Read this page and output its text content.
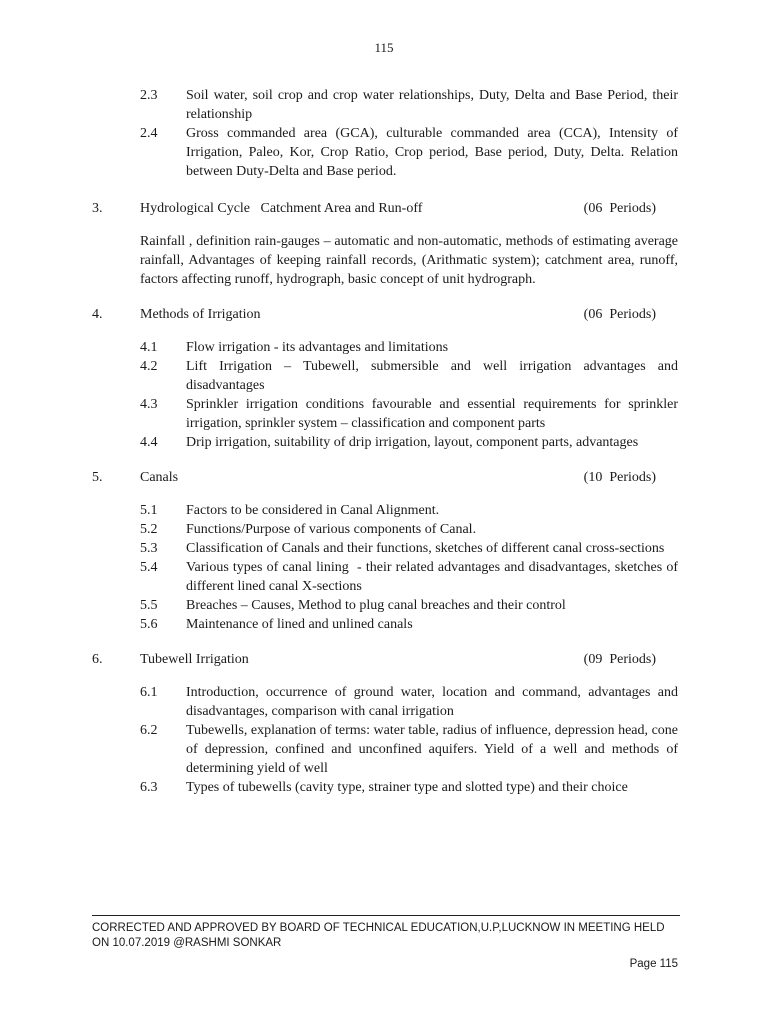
115
2.3	Soil water, soil crop and crop water relationships, Duty, Delta and Base Period, their relationship
2.4	Gross commanded area (GCA), culturable commanded area (CCA), Intensity of Irrigation, Paleo, Kor, Crop Ratio, Crop period, Base period, Duty, Delta. Relation between Duty-Delta and Base period.
3.	Hydrological Cycle   Catchment Area and Run-off	(06  Periods)
Rainfall , definition rain-gauges – automatic and non-automatic, methods of estimating average rainfall, Advantages of keeping rainfall records, (Arithmatic system); catchment area, runoff, factors affecting runoff, hydrograph, basic concept of unit hydrograph.
4.	Methods of Irrigation	(06  Periods)
4.1	Flow irrigation - its advantages and limitations
4.2	Lift Irrigation – Tubewell, submersible and well irrigation advantages and disadvantages
4.3	Sprinkler irrigation conditions favourable and essential requirements for sprinkler irrigation, sprinkler system – classification and component parts
4.4	Drip irrigation, suitability of drip irrigation, layout, component parts, advantages
5.	Canals	(10  Periods)
5.1	Factors to be considered in Canal Alignment.
5.2	Functions/Purpose of various components of Canal.
5.3	Classification of Canals and their functions, sketches of different canal cross-sections
5.4	Various types of canal lining  - their related advantages and disadvantages, sketches of different lined canal X-sections
5.5	Breaches – Causes, Method to plug canal breaches and their control
5.6	Maintenance of lined and unlined canals
6.	Tubewell Irrigation	(09  Periods)
6.1	Introduction, occurrence of ground water, location and command, advantages and disadvantages, comparison with canal irrigation
6.2	Tubewells, explanation of terms: water table, radius of influence, depression head, cone of depression, confined and unconfined aquifers. Yield of a well and methods of determining yield of well
6.3	Types of tubewells (cavity type, strainer type and slotted type) and their choice
CORRECTED AND APPROVED BY BOARD OF TECHNICAL EDUCATION,U.P,LUCKNOW IN MEETING HELD ON 10.07.2019 @RASHMI SONKAR
Page 115
